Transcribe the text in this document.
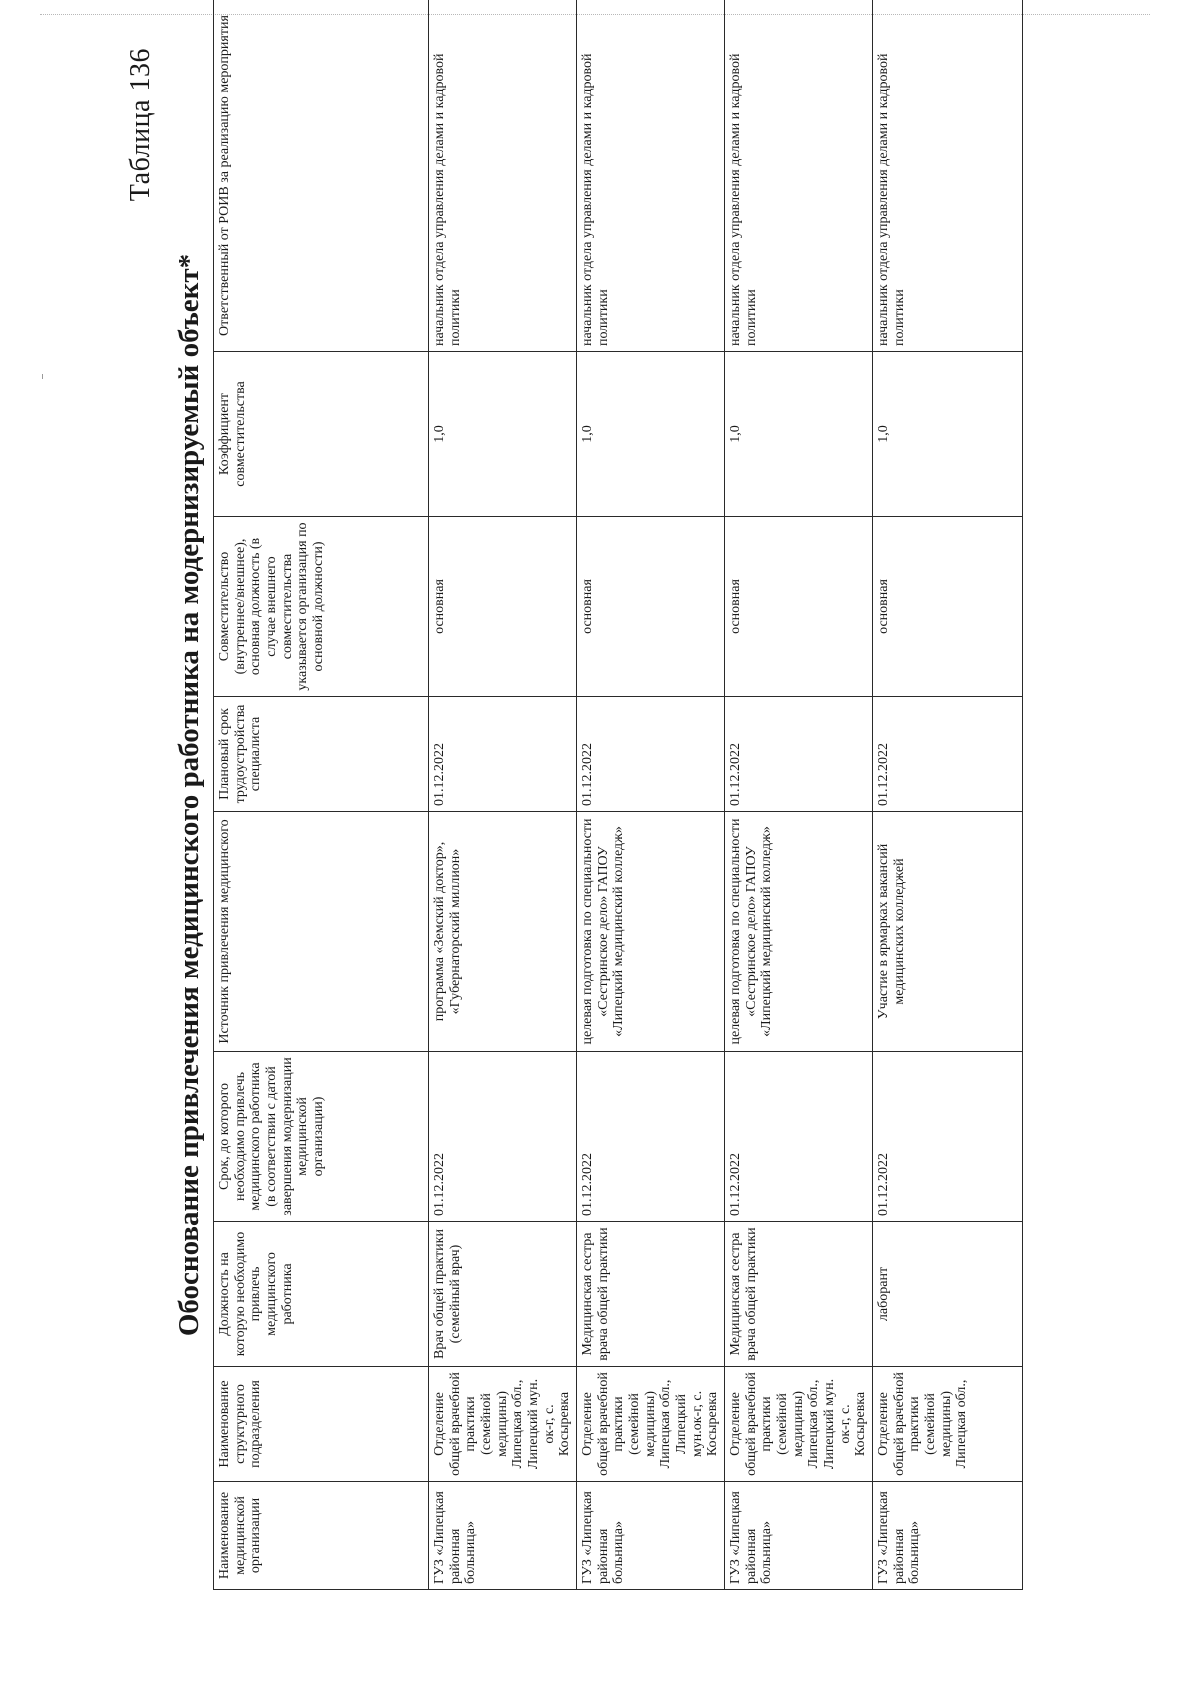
Таблица 136
Обоснование привлечения медицинского работника на модернизируемый объект*
Наименование медицинской организации	Наименование структурного подразделения	Должность на которую необходимо привлечь медицинского работника	Срок, до которого необходимо привлечь медицинского работника (в соответствии с датой завершения модернизации медицинской организации)	Источник привлечения медицинского	Плановый срок трудоустройства специалиста	Совместительство (внутреннее/внешнее), основная должность (в случае внешнего совместительства указывается организация по основной должности)	Коэффициент совместительства	Ответственный от РОИВ за реализацию мероприятия
ГУЗ «Липецкая районная больница»	Отделение общей врачебной практики (семейной медицины) Липецкая обл., Липецкий мун. ок-г, с. Косыревка	Врач общей практики (семейный врач)	01.12.2022	программа «Земский доктор», «Губернаторский миллион»	01.12.2022	основная	1,0	начальник отдела управления делами и кадровой политики
ГУЗ «Липецкая районная больница»	Отделение общей врачебной практики (семейной медицины) Липецкая обл., Липецкий мун.ок-г, с. Косыревка	Медицинская сестра врача общей практики	01.12.2022	целевая подготовка по специальности «Сестринское дело» ГАПОУ «Липецкий медицинский колледж»	01.12.2022	основная	1,0	начальник отдела управления делами и кадровой политики
ГУЗ «Липецкая районная больница»	Отделение общей врачебной практики (семейной медицины) Липецкая обл., Липецкий мун. ок-г, с. Косыревка	Медицинская сестра врача общей практики	01.12.2022	целевая подготовка по специальности «Сестринское дело» ГАПОУ «Липецкий медицинский колледж»	01.12.2022	основная	1,0	начальник отдела управления делами и кадровой политики
ГУЗ «Липецкая районная больница»	Отделение общей врачебной практики (семейной медицины) Липецкая обл.,	лаборант	01.12.2022	Участие в ярмарках вакансий медицинских колледжей	01.12.2022	основная	1,0	начальник отдела управления делами и кадровой политики
